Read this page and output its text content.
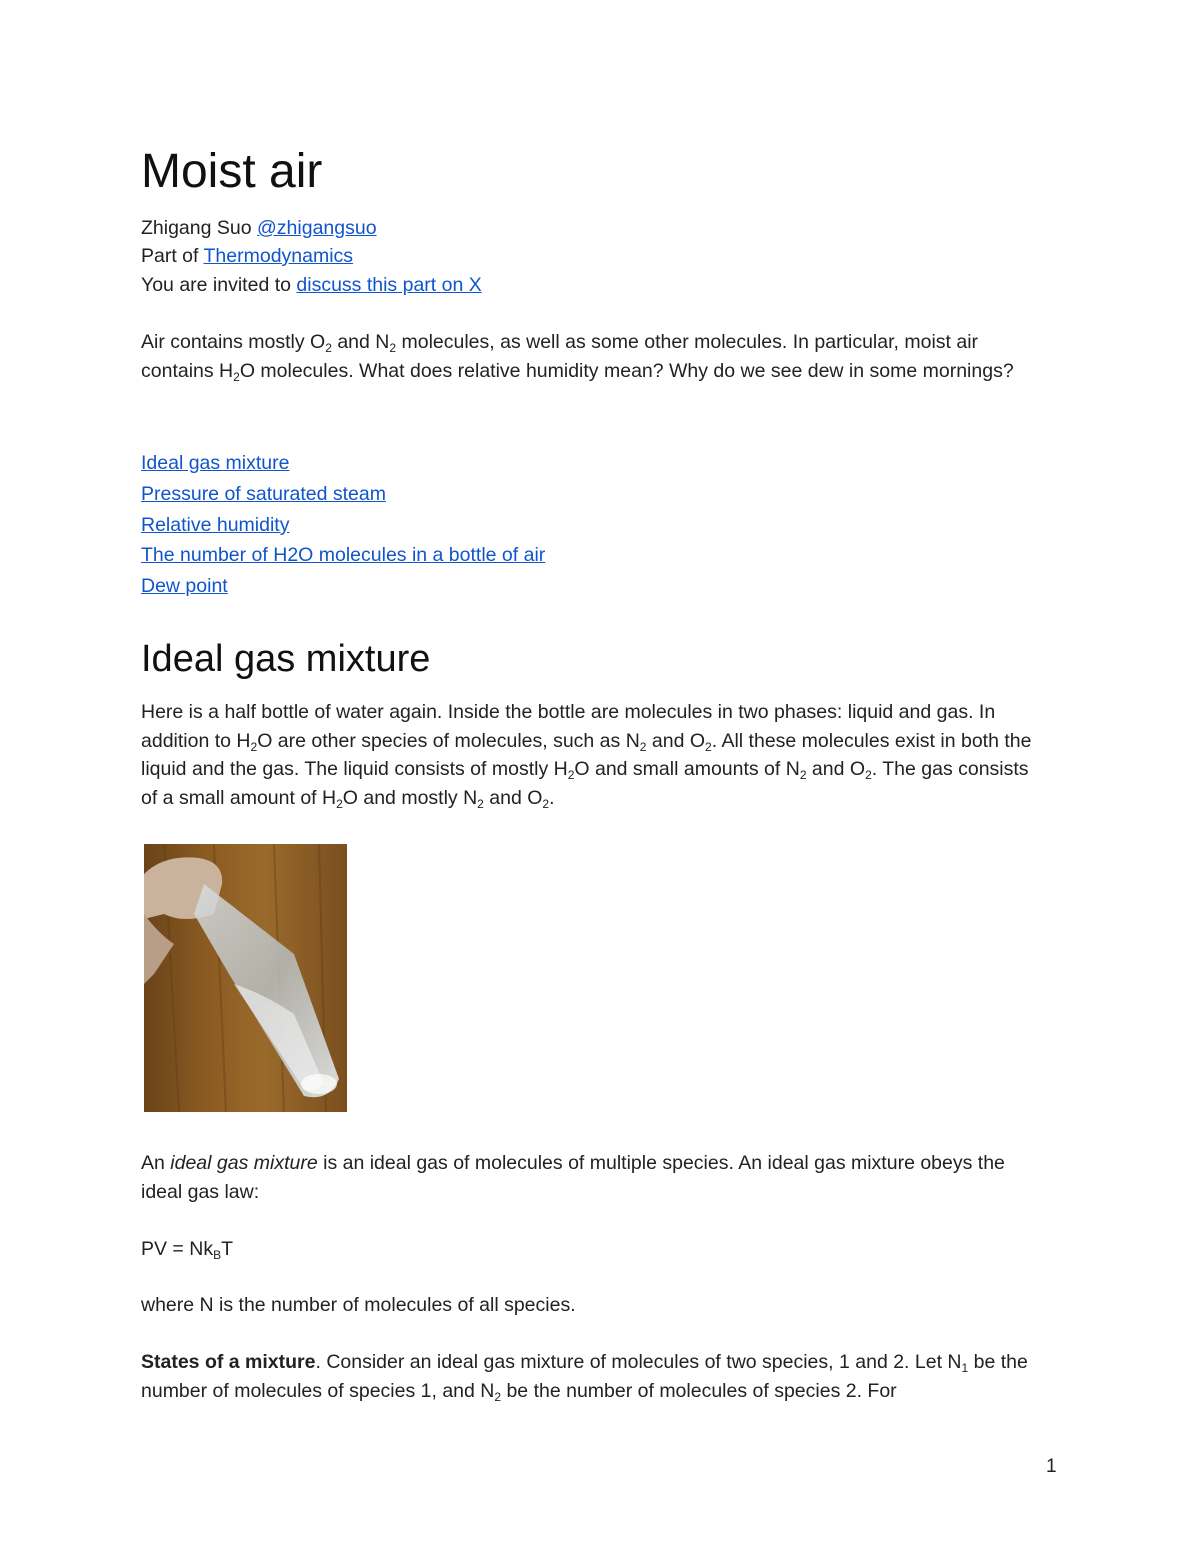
Moist air
Zhigang Suo @zhigangsuo
Part of Thermodynamics
You are invited to discuss this part on X
Air contains mostly $O_2$ and $N_2$ molecules, as well as some other molecules. In particular, moist air contains $H_2O$ molecules. What does relative humidity mean? Why do we see dew in some mornings?
Ideal gas mixture
Pressure of saturated steam
Relative humidity
The number of H2O molecules in a bottle of air
Dew point
Ideal gas mixture
Here is a half bottle of water again. Inside the bottle are molecules in two phases: liquid and gas. In addition to $H_2O$ are other species of molecules, such as $N_2$ and $O_2$. All these molecules exist in both the liquid and the gas. The liquid consists of mostly $H_2O$ and small amounts of $N_2$ and $O_2$. The gas consists of a small amount of $H_2O$ and mostly $N_2$ and $O_2$.
An ideal gas mixture is an ideal gas of molecules of multiple species. An ideal gas mixture obeys the ideal gas law:
PV = $Nk_BT$
where N is the number of molecules of all species.
States of a mixture. Consider an ideal gas mixture of molecules of two species, 1 and 2. Let $N_1$ be the number of molecules of species 1, and $N_2$ be the number of molecules of species 2. For
1
